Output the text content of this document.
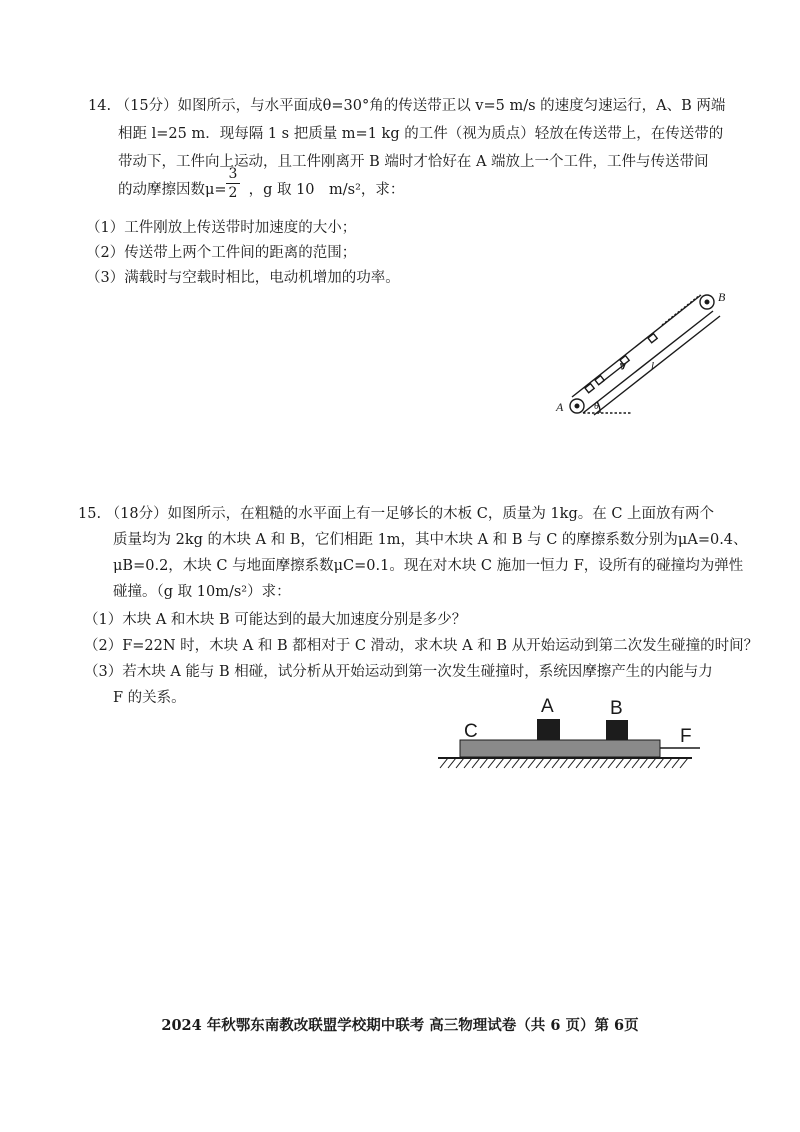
14. （15分）如图所示，与水平面成θ=30°角的传送带正以 v=5 m/s 的速度匀速运行，A、B 两端
相距 l=25 m．现每隔 1 s 把质量 m=1 kg 的工件（视为质点）轻放在传送带上，在传送带的
带动下，工件向上运动，且工件刚离开 B 端时才恰好在 A 端放上一个工件，工件与传送带间
的动摩擦因数μ= ，g 取 10　m/s²，求：
3
2
（1）工件刚放上传送带时加速度的大小；
（2）传送带上两个工件间的距离的范围；
（3）满载时与空载时相比，电动机增加的功率。
B
A
v l
θ
15. （18分）如图所示，在粗糙的水平面上有一足够长的木板 C，质量为 1kg。在 C 上面放有两个
质量均为 2kg 的木块 A 和 B，它们相距 1m，其中木块 A 和 B 与 C 的摩擦系数分别为μA=0.4、
μB=0.2，木块 C 与地面摩擦系数μC=0.1。现在对木块 C 施加一恒力 F，设所有的碰撞均为弹性
碰撞。（g 取 10m/s²）求：
（1）木块 A 和木块 B 可能达到的最大加速度分别是多少？
（2）F=22N 时，木块 A 和 B 都相对于 C 滑动，求木块 A 和 B 从开始运动到第二次发生碰撞的时间？
（3）若木块 A 能与 B 相碰，试分析从开始运动到第一次发生碰撞时，系统因摩擦产生的内能与力
F 的关系。
C
A	B
F
2024 年秋鄂东南教改联盟学校期中联考 高三物理试卷（共 6 页）第 6页
